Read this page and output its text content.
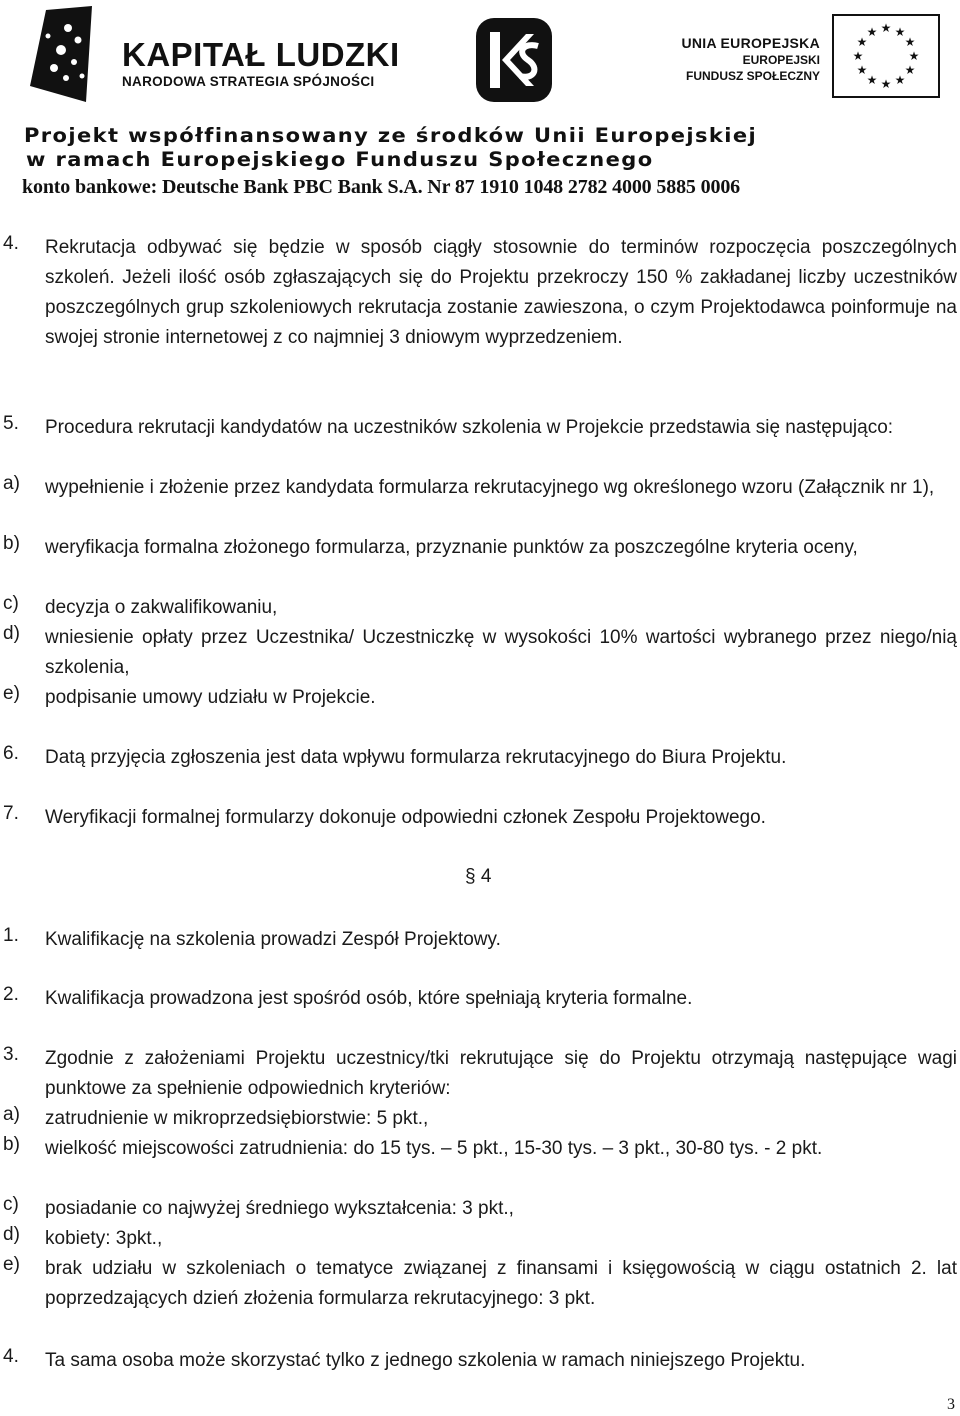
KAPITAŁ LUDZKI
NARODOWA STRATEGIA SPÓJNOŚCI
UNIA EUROPEJSKA
EUROPEJSKI
FUNDUSZ SPOŁECZNY
★ ★
★
★
★
★
★
★
★
★
★
★
Projekt współfinansowany ze środków Unii Europejskiej
w ramach Europejskiego Funduszu Społecznego
konto bankowe: Deutsche Bank PBC Bank S.A. Nr 87 1910 1048 2782 4000 5885 0006
4. Rekrutacja odbywać się będzie w sposób ciągły stosownie do terminów rozpoczęcia poszczególnych szkoleń. Jeżeli ilość osób zgłaszających się do Projektu przekroczy 150 % zakładanej liczby uczestników poszczególnych grup szkoleniowych rekrutacja zostanie zawieszona, o czym Projektodawca poinformuje na swojej stronie internetowej z co najmniej 3 dniowym wyprzedzeniem.
5. Procedura rekrutacji kandydatów na uczestników szkolenia w Projekcie przedstawia się następująco:
a) wypełnienie i złożenie przez kandydata formularza rekrutacyjnego wg określonego wzoru (Załącznik nr 1),
b) weryfikacja formalna złożonego formularza, przyznanie punktów za poszczególne kryteria oceny,
c) decyzja o zakwalifikowaniu,
d) wniesienie opłaty przez Uczestnika/ Uczestniczkę w wysokości 10% wartości wybranego przez niego/nią szkolenia,
e) podpisanie umowy udziału w Projekcie.
6. Datą przyjęcia zgłoszenia jest data wpływu formularza rekrutacyjnego do Biura Projektu.
7. Weryfikacji formalnej formularzy dokonuje odpowiedni członek Zespołu Projektowego.
§ 4
1. Kwalifikację na szkolenia prowadzi Zespół Projektowy.
2. Kwalifikacja prowadzona jest spośród osób, które spełniają kryteria formalne.
3. Zgodnie z założeniami Projektu uczestnicy/tki rekrutujące się do Projektu otrzymają następujące wagi punktowe za spełnienie odpowiednich kryteriów:
a) zatrudnienie w mikroprzedsiębiorstwie: 5 pkt.,
b) wielkość miejscowości zatrudnienia: do 15 tys. – 5 pkt., 15-30 tys. – 3 pkt., 30-80 tys. - 2 pkt.
c) posiadanie co najwyżej średniego wykształcenia: 3 pkt.,
d) kobiety: 3pkt.,
e) brak udziału w szkoleniach o tematyce związanej z finansami i księgowością w ciągu ostatnich 2. lat poprzedzających dzień złożenia formularza rekrutacyjnego: 3 pkt.
4. Ta sama osoba może skorzystać tylko z jednego szkolenia w ramach niniejszego Projektu.
3
